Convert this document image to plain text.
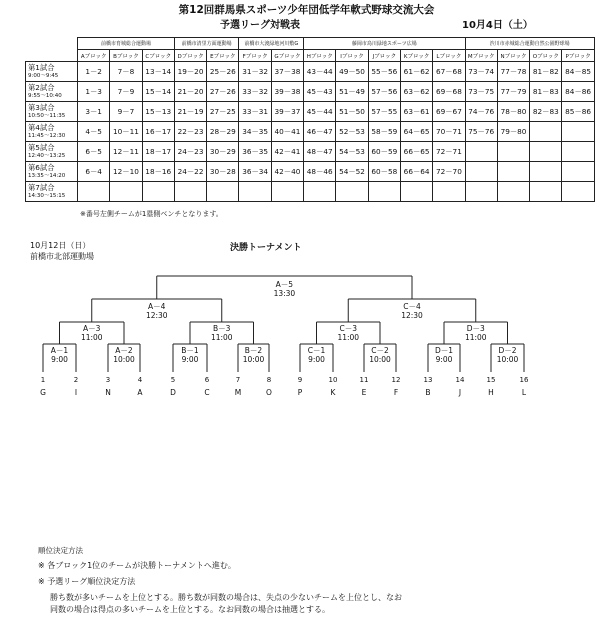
第12回群馬県スポーツ少年団低学年軟式野球交流大会
予選リーグ対戦表	10月4日（土）
	前橋市育城総合運動場			前橋市清里方面運動場		前橋市大渡緑地河川敷G		藤岡市鳥川緑地スポーツ広場					渋川市赤城総合運動自然公園野球場			
	Aブロック	Bブロック	Cブロック	Dブロック	Eブロック	Fブロック	Gブロック	Hブロック	Iブロック	Jブロック	Kブロック	Lブロック	Mブロック	Nブロック	Oブロック	Pブロック
第1試合
9:00～9:45	1－2	7－8	13－14	19－20	25－26	31－32	37－38	43－44	49－50	55－56	61－62	67－68	73－74	77－78	81－82	84－85
第2試合
9:55～10:40	1－3	7－9	15－14	21－20	27－26	33－32	39－38	45－43	51－49	57－56	63－62	69－68	73－75	77－79	81－83	84－86
第3試合
10:50～11:35	3－1	9－7	15－13	21－19	27－25	33－31	39－37	45－44	51－50	57－55	63－61	69－67	74－76	78－80	82－83	85－86
第4試合
11:45～12:30	4－5	10－11	16－17	22－23	28－29	34－35	40－41	46－47	52－53	58－59	64－65	70－71	75－76	79－80		
第5試合
12:40～13:25	6－5	12－11	18－17	24－23	30－29	36－35	42－41	48－47	54－53	60－59	66－65	72－71				
第6試合
13:35～14:20	6－4	12－10	18－16	24－22	30－28	36－34	42－40	48－46	54－52	60－58	66－64	72－70				
第7試合
14:30～15:15																

※番号左側チームが1塁側ベンチとなります。
10月12日（日）
前橋市北部運動場
決勝トーナメント
A－5
13:30
A－4
12:30
C－4
12:30
A－3
11:00
B－3
11:00
C－3
11:00
D－3
11:00
A－1
9:00
A－2
10:00
B－1
9:00
B－2
10:00
C－1
9:00
C－2
10:00
D－1
9:00
D－2
10:00
1
G
2
I
3
N
4
A
5
D
6
C
7
M
8
O
9
P
10
K
11
E
12
F
13
B
14
J
15
H
16
L
順位決定方法
※ 各ブロック1位のチームが決勝トーナメントへ進む。
※ 予選リーグ順位決定方法
勝ち数が多いチームを上位とする。勝ち数が同数の場合は、失点の少ないチームを上位とし、なお
同数の場合は得点の多いチームを上位とする。なお同数の場合は抽選とする。
